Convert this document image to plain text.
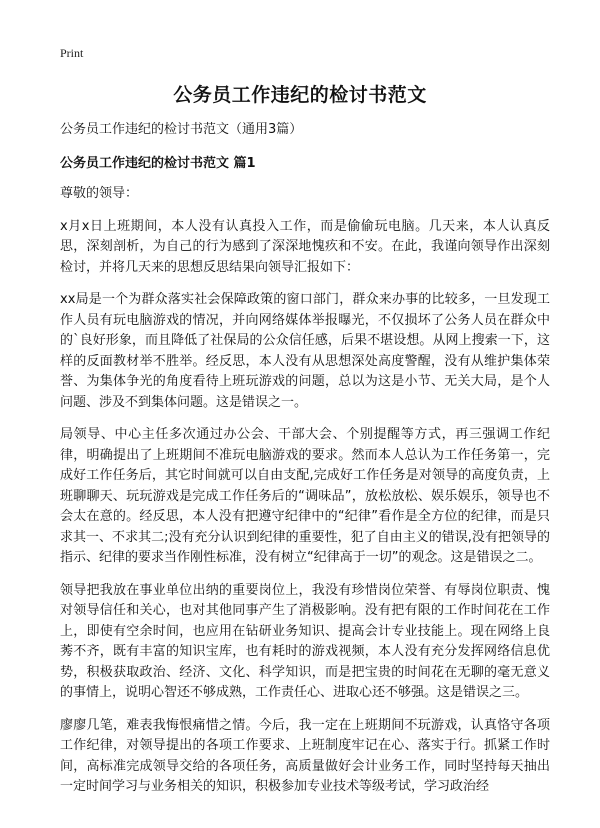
Print
公务员工作违纪的检讨书范文

公务员工作违纪的检讨书范文（通用3篇）

公务员工作违纪的检讨书范文 篇1

尊敬的领导：

x月x日上班期间，本人没有认真投入工作，而是偷偷玩电脑。几天来，本人认真反思，深刻剖析，为自己的行为感到了深深地愧疚和不安。在此，我谨向领导作出深刻检讨，并将几天来的思想反思结果向领导汇报如下：

xx局是一个为群众落实社会保障政策的窗口部门，群众来办事的比较多，一旦发现工作人员有玩电脑游戏的情况，并向网络媒体举报曝光，不仅损坏了公务人员在群众中的`良好形象，而且降低了社保局的公众信任感，后果不堪设想。从网上搜索一下，这样的反面教材举不胜举。经反思，本人没有从思想深处高度警醒，没有从维护集体荣誉、为集体争光的角度看待上班玩游戏的问题，总以为这是小节、无关大局，是个人问题、涉及不到集体问题。这是错误之一。

局领导、中心主任多次通过办公会、干部大会、个别提醒等方式，再三强调工作纪律，明确提出了上班期间不准玩电脑游戏的要求。然而本人总认为工作任务第一，完成好工作任务后，其它时间就可以自由支配,完成好工作任务是对领导的高度负责，上班聊聊天、玩玩游戏是完成工作任务后的“调味品”，放松放松、娱乐娱乐，领导也不会太在意的。经反思，本人没有把遵守纪律中的“纪律”看作是全方位的纪律，而是只求其一、不求其二;没有充分认识到纪律的重要性，犯了自由主义的错误,没有把领导的指示、纪律的要求当作刚性标准，没有树立“纪律高于一切”的观念。这是错误之二。

领导把我放在事业单位出纳的重要岗位上，我没有珍惜岗位荣誉、有辱岗位职责、愧对领导信任和关心，也对其他同事产生了消极影响。没有把有限的工作时间花在工作上，即使有空余时间，也应用在钻研业务知识、提高会计专业技能上。现在网络上良莠不齐，既有丰富的知识宝库，也有耗时的游戏视频，本人没有充分发挥网络信息优势，积极获取政治、经济、文化、科学知识，而是把宝贵的时间花在无聊的毫无意义的事情上，说明心智还不够成熟，工作责任心、进取心还不够强。这是错误之三。

廖廖几笔，难表我悔恨痛惜之情。今后，我一定在上班期间不玩游戏，认真恪守各项工作纪律，对领导提出的各项工作要求、上班制度牢记在心、落实于行。抓紧工作时间，高标准完成领导交给的各项任务，高质量做好会计业务工作，同时坚持每天抽出一定时间学习与业务相关的知识，积极参加专业技术等级考试，学习政治经
